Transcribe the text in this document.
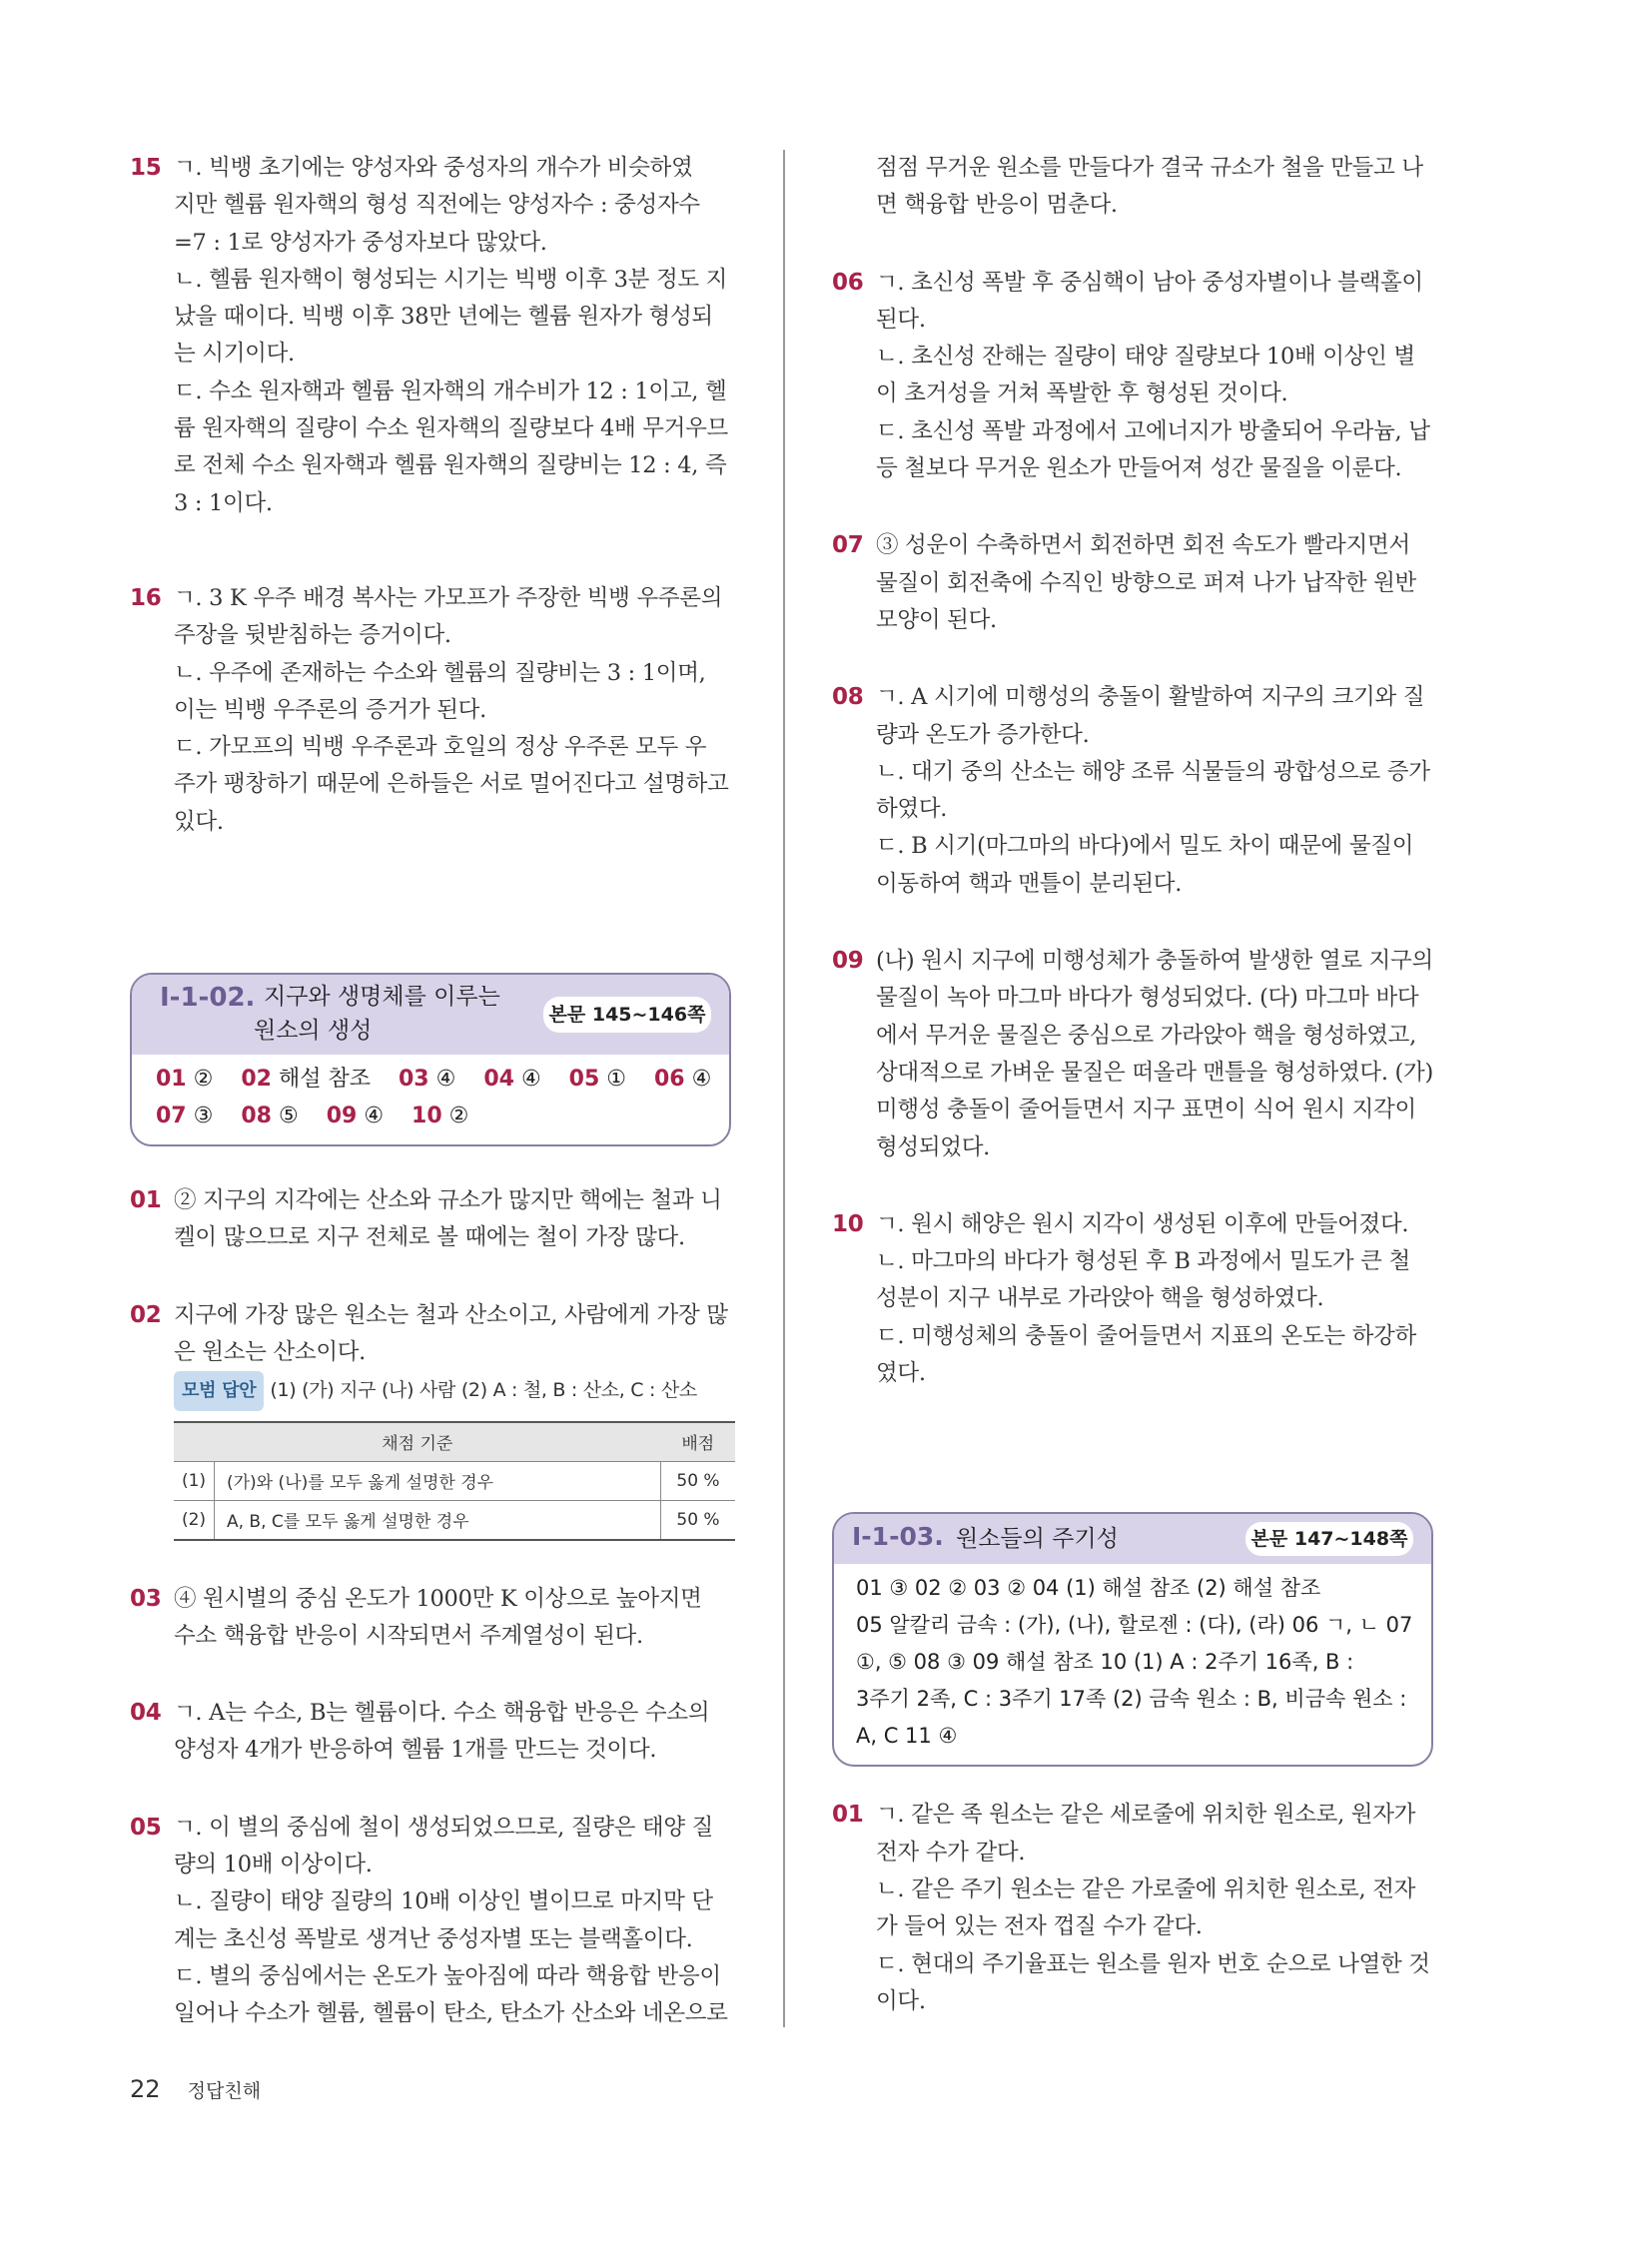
15 ㄱ. 빅뱅 초기에는 양성자와 중성자의 개수가 비슷하였
지만 헬륨 원자핵의 형성 직전에는 양성자수 : 중성자수
=7 : 1로 양성자가 중성자보다 많았다.
ㄴ. 헬륨 원자핵이 형성되는 시기는 빅뱅 이후 3분 정도 지
났을 때이다. 빅뱅 이후 38만 년에는 헬륨 원자가 형성되
는 시기이다.
ㄷ. 수소 원자핵과 헬륨 원자핵의 개수비가 12 : 1이고, 헬
륨 원자핵의 질량이 수소 원자핵의 질량보다 4배 무거우므
로 전체 수소 원자핵과 헬륨 원자핵의 질량비는 12 : 4, 즉
3 : 1이다.
16 ㄱ. 3 K 우주 배경 복사는 가모프가 주장한 빅뱅 우주론의
주장을 뒷받침하는 증거이다.
ㄴ. 우주에 존재하는 수소와 헬륨의 질량비는 3 : 1이며,
이는 빅뱅 우주론의 증거가 된다.
ㄷ. 가모프의 빅뱅 우주론과 호일의 정상 우주론 모두 우
주가 팽창하기 때문에 은하들은 서로 멀어진다고 설명하고
있다.
Ⅰ-1-02. 지구와 생명체를 이루는
원소의 생성
본문 145~146쪽
01 ② 02 해설 참조 03 ④ 04 ④ 05 ① 06 ④
07 ③ 08 ⑤ 09 ④ 10 ②
01 ② 지구의 지각에는 산소와 규소가 많지만 핵에는 철과 니
켈이 많으므로 지구 전체로 볼 때에는 철이 가장 많다.
02 지구에 가장 많은 원소는 철과 산소이고, 사람에게 가장 많
은 원소는 산소이다.
모범 답안 (1) (가) 지구 (나) 사람 (2) A : 철, B : 산소, C : 산소
채점 기준		배점
(1)	(가)와 (나)를 모두 옳게 설명한 경우	50 %
(2)	A, B, C를 모두 옳게 설명한 경우	50 %
03 ④ 원시별의 중심 온도가 1000만 K 이상으로 높아지면
수소 핵융합 반응이 시작되면서 주계열성이 된다.
04 ㄱ. A는 수소, B는 헬륨이다. 수소 핵융합 반응은 수소의
양성자 4개가 반응하여 헬륨 1개를 만드는 것이다.
05 ㄱ. 이 별의 중심에 철이 생성되었으므로, 질량은 태양 질
량의 10배 이상이다.
ㄴ. 질량이 태양 질량의 10배 이상인 별이므로 마지막 단
계는 초신성 폭발로 생겨난 중성자별 또는 블랙홀이다.
ㄷ. 별의 중심에서는 온도가 높아짐에 따라 핵융합 반응이
일어나 수소가 헬륨, 헬륨이 탄소, 탄소가 산소와 네온으로
점점 무거운 원소를 만들다가 결국 규소가 철을 만들고 나
면 핵융합 반응이 멈춘다.
06 ㄱ. 초신성 폭발 후 중심핵이 남아 중성자별이나 블랙홀이
된다.
ㄴ. 초신성 잔해는 질량이 태양 질량보다 10배 이상인 별
이 초거성을 거쳐 폭발한 후 형성된 것이다.
ㄷ. 초신성 폭발 과정에서 고에너지가 방출되어 우라늄, 납
등 철보다 무거운 원소가 만들어져 성간 물질을 이룬다.
07 ③ 성운이 수축하면서 회전하면 회전 속도가 빨라지면서
물질이 회전축에 수직인 방향으로 퍼져 나가 납작한 원반
모양이 된다.
08 ㄱ. A 시기에 미행성의 충돌이 활발하여 지구의 크기와 질
량과 온도가 증가한다.
ㄴ. 대기 중의 산소는 해양 조류 식물들의 광합성으로 증가
하였다.
ㄷ. B 시기(마그마의 바다)에서 밀도 차이 때문에 물질이
이동하여 핵과 맨틀이 분리된다.
09 (나) 원시 지구에 미행성체가 충돌하여 발생한 열로 지구의
물질이 녹아 마그마 바다가 형성되었다. (다) 마그마 바다
에서 무거운 물질은 중심으로 가라앉아 핵을 형성하였고,
상대적으로 가벼운 물질은 떠올라 맨틀을 형성하였다. (가)
미행성 충돌이 줄어들면서 지구 표면이 식어 원시 지각이
형성되었다.
10 ㄱ. 원시 해양은 원시 지각이 생성된 이후에 만들어졌다.
ㄴ. 마그마의 바다가 형성된 후 B 과정에서 밀도가 큰 철
성분이 지구 내부로 가라앉아 핵을 형성하였다.
ㄷ. 미행성체의 충돌이 줄어들면서 지표의 온도는 하강하
였다.
Ⅰ-1-03. 원소들의 주기성	본문 147~148쪽
01 ③ 02 ② 03 ② 04 (1) 해설 참조 (2) 해설 참조
05 알칼리 금속 : (가), (나), 할로젠 : (다), (라) 06 ㄱ, ㄴ 07
①, ⑤ 08 ③ 09 해설 참조 10 (1) A : 2주기 16족, B :
3주기 2족, C : 3주기 17족 (2) 금속 원소 : B, 비금속 원소 :
A, C 11 ④
01 ㄱ. 같은 족 원소는 같은 세로줄에 위치한 원소로, 원자가
전자 수가 같다.
ㄴ. 같은 주기 원소는 같은 가로줄에 위치한 원소로, 전자
가 들어 있는 전자 껍질 수가 같다.
ㄷ. 현대의 주기율표는 원소를 원자 번호 순으로 나열한 것
이다.
22 정답친해
